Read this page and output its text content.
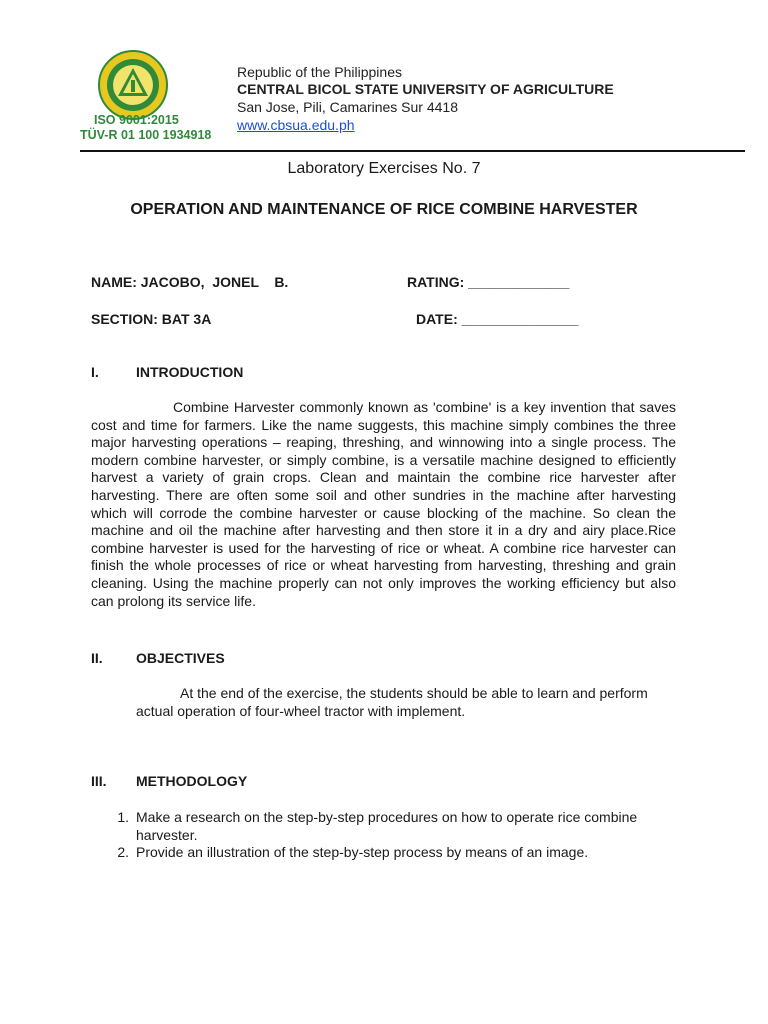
ISO 9001:2015
TÜV-R 01 100 1934918
Republic of the Philippines
CENTRAL BICOL STATE UNIVERSITY OF AGRICULTURE
San Jose, Pili, Camarines Sur 4418
www.cbsua.edu.ph
Laboratory Exercises No. 7
OPERATION AND MAINTENANCE OF RICE COMBINE HARVESTER
NAME: JACOBO,  JONEL    B.	RATING: _____________
SECTION: BAT 3A	DATE: _______________
I.	INTRODUCTION

Combine Harvester commonly known as 'combine' is a key invention that saves cost and time for farmers. Like the name suggests, this machine simply combines the three major harvesting operations – reaping, threshing, and winnowing into a single process. The modern combine harvester, or simply combine, is a versatile machine designed to efficiently harvest a variety of grain crops. Clean and maintain the combine rice harvester after harvesting. There are often some soil and other sundries in the machine after harvesting which will corrode the combine harvester or cause blocking of the machine. So clean the machine and oil the machine after harvesting and then store it in a dry and airy place.Rice combine harvester is used for the harvesting of rice or wheat. A combine rice harvester can finish the whole processes of rice or wheat harvesting from harvesting, threshing and grain cleaning. Using the machine properly can not only improves the working efficiency but also can prolong its service life.

II. OBJECTIVES

At the end of the exercise, the students should be able to learn and perform actual operation of four-wheel tractor with implement.

III. METHODOLOGY
1. Make a research on the step-by-step procedures on how to operate rice combine harvester.
2. Provide an illustration of the step-by-step process by means of an image.
